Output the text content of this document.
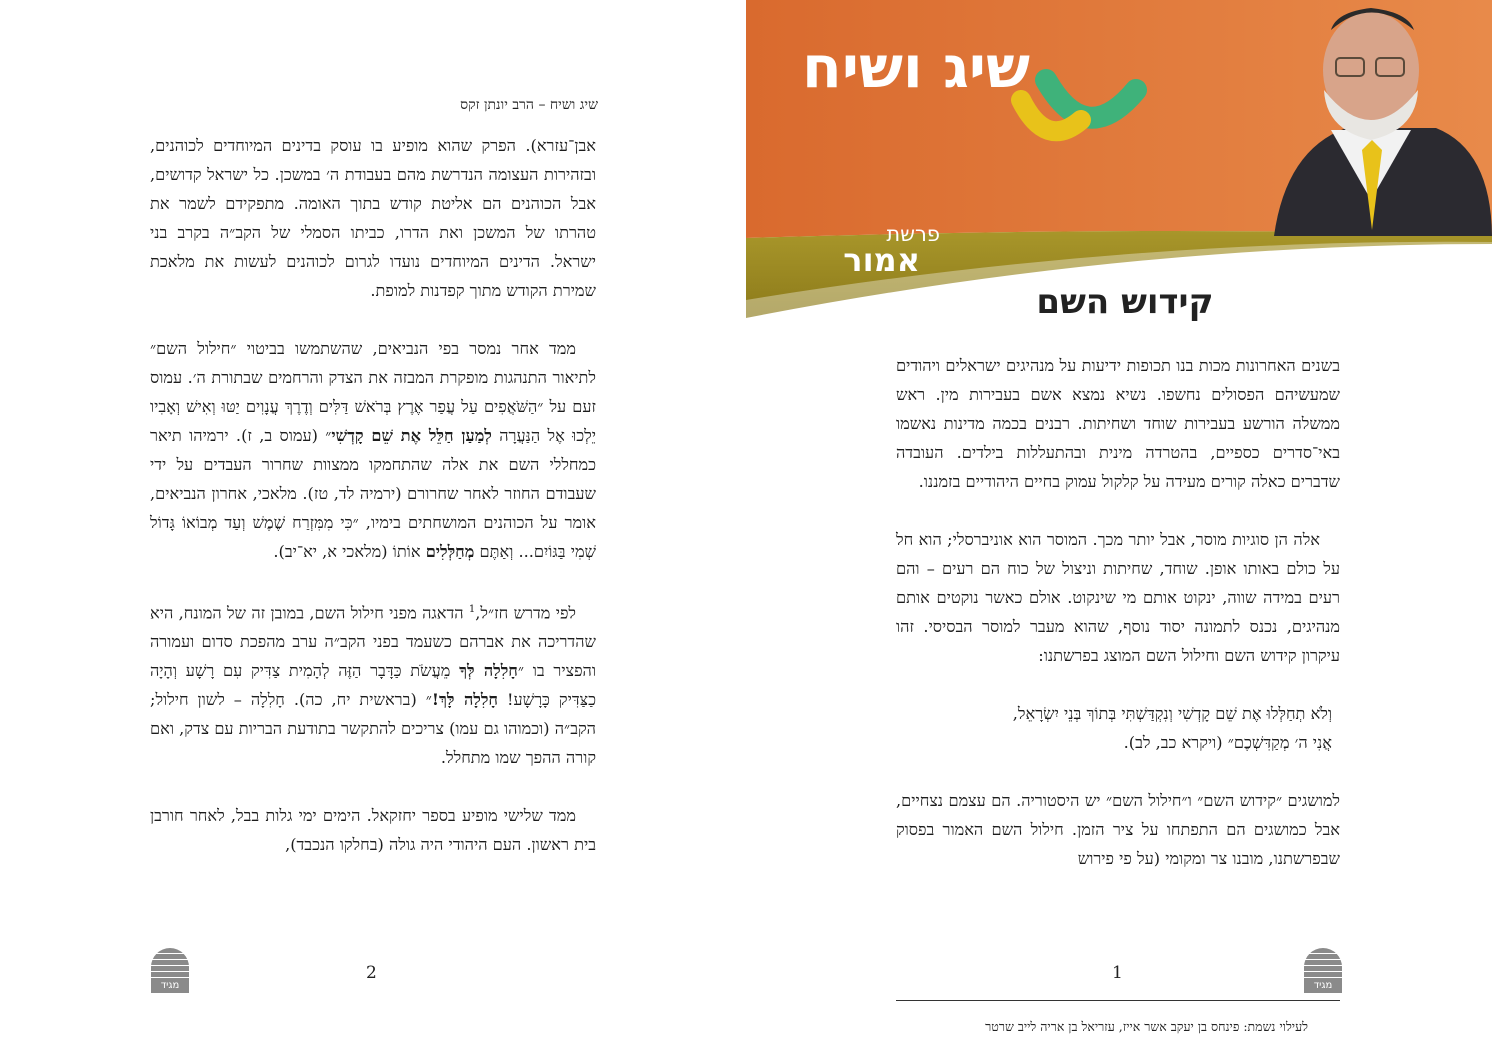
שיג ושיח – הרב יונתן זקס

אבן־עזרא). הפרק שהוא מופיע בו עוסק בדינים המיוחדים לכוהנים, ובזהירות העצומה הנדרשת מהם בעבודת ה׳ במשכן. כל ישראל קדושים, אבל הכוהנים הם אליטת קודש בתוך האומה. מתפקידם לשמר את טהרתו של המשכן ואת הדרו, כביתו הסמלי של הקב״ה בקרב בני ישראל. הדינים המיוחדים נועדו לגרום לכוהנים לעשות את מלאכת שמירת הקודש מתוך קפדנות למופת.

ממד אחר נמסר בפי הנביאים, שהשתמשו בביטוי ״חילול השם״ לתיאור התנהגות מופקרת המבזה את הצדק והרחמים שבתורת ה׳. עמוס זעם על ״הַשֹּׁאֲפִים עַל עֲפַר אֶרֶץ בְּרֹאשׁ דַּלִּים וְדֶרֶךְ עֲנָוִים יַטּוּ וְאִישׁ וְאָבִיו יֵלְכוּ אֶל הַנַּעֲרָה לְמַעַן חַלֵּל אֶת שֵׁם קָדְשִׁי״ (עמוס ב, ז). ירמיהו תיאר כמחללי השם את אלה שהתחמקו ממצוות שחרור העבדים על ידי שעבודם החוזר לאחר שחרורם (ירמיה לד, טז). מלאכי, אחרון הנביאים, אומר על הכוהנים המושחתים בימיו, ״כִּי מִמִּזְרַח שֶׁמֶשׁ וְעַד מְבוֹאוֹ גָּדוֹל שְׁמִי בַּגּוֹיִם... וְאַתֶּם מְחַלְּלִים אוֹתוֹ (מלאכי א, יא־יב).

לפי מדרש חז״ל,$^1$ הדאגה מפני חילול השם, במובן זה של המונח, היא שהדריכה את אברהם כשעמד בפני הקב״ה ערב מהפכת סדום ועמורה והפציר בו ״חָלִלָה לְּךָ מֵעֲשֹׂת כַּדָּבָר הַזֶּה לְהָמִית צַדִּיק עִם רָשָׁע וְהָיָה כַצַּדִּיק כָּרָשָׁע! חָלִלָה לָּךְ!״ (בראשית יח, כה). חָלִלָה – לשון חילול; הקב״ה (וכמוהו גם עמו) צריכים להתקשר בתודעת הבריות עם צדק, ואם קורה ההפך שמו מתחלל.

ממד שלישי מופיע בספר יחזקאל. הימים ימי גלות בבל, לאחר חורבן בית ראשון. העם היהודי היה גולה (בחלקו הנכבד),

2
מגיד
שיג ושיח
פרשת
אמור
קידוש השם

בשנים האחרונות מכות בנו תכופות ידיעות על מנהיגים ישראלים ויהודים שמעשיהם הפסולים נחשפו. נשיא נמצא אשם בעבירות מין. ראש ממשלה הורשע בעבירות שוחד ושחיתות. רבנים בכמה מדינות נאשמו באי־סדרים כספיים, בהטרדה מינית ובהתעללות בילדים. העובדה שדברים כאלה קורים מעידה על קלקול עמוק בחיים היהודיים בזמננו.

אלה הן סוגיות מוסר, אבל יותר מכך. המוסר הוא אוניברסלי; הוא חל על כולם באותו אופן. שוחד, שחיתות וניצול של כוח הם רעים – והם רעים במידה שווה, ינקוט אותם מי שינקוט. אולם כאשר נוקטים אותם מנהיגים, נכנס לתמונה יסוד נוסף, שהוא מעבר למוסר הבסיסי. זהו עיקרון קידוש השם וחילול השם המוצג בפרשתנו:

וְלֹא תְחַלְּלוּ אֶת שֵׁם קָדְשִׁי וְנִקְדַּשְׁתִּי בְּתוֹךְ בְּנֵי יִשְׂרָאֵל,
אֲנִי ה׳ מְקַדִּשְׁכֶם״ (ויקרא כב, לב).

למושגים ״קידוש השם״ ו״חילול השם״ יש היסטוריה. הם עצמם נצחיים, אבל כמושגים הם התפתחו על ציר הזמן. חילול השם האמור בפסוק שבפרשתנו, מובנו צר ומקומי (על פי פירוש

1
מגיד
לעילוי נשמת: פינחס בן יעקב אשר אייז, עזריאל בן אריה לייב שרטר
